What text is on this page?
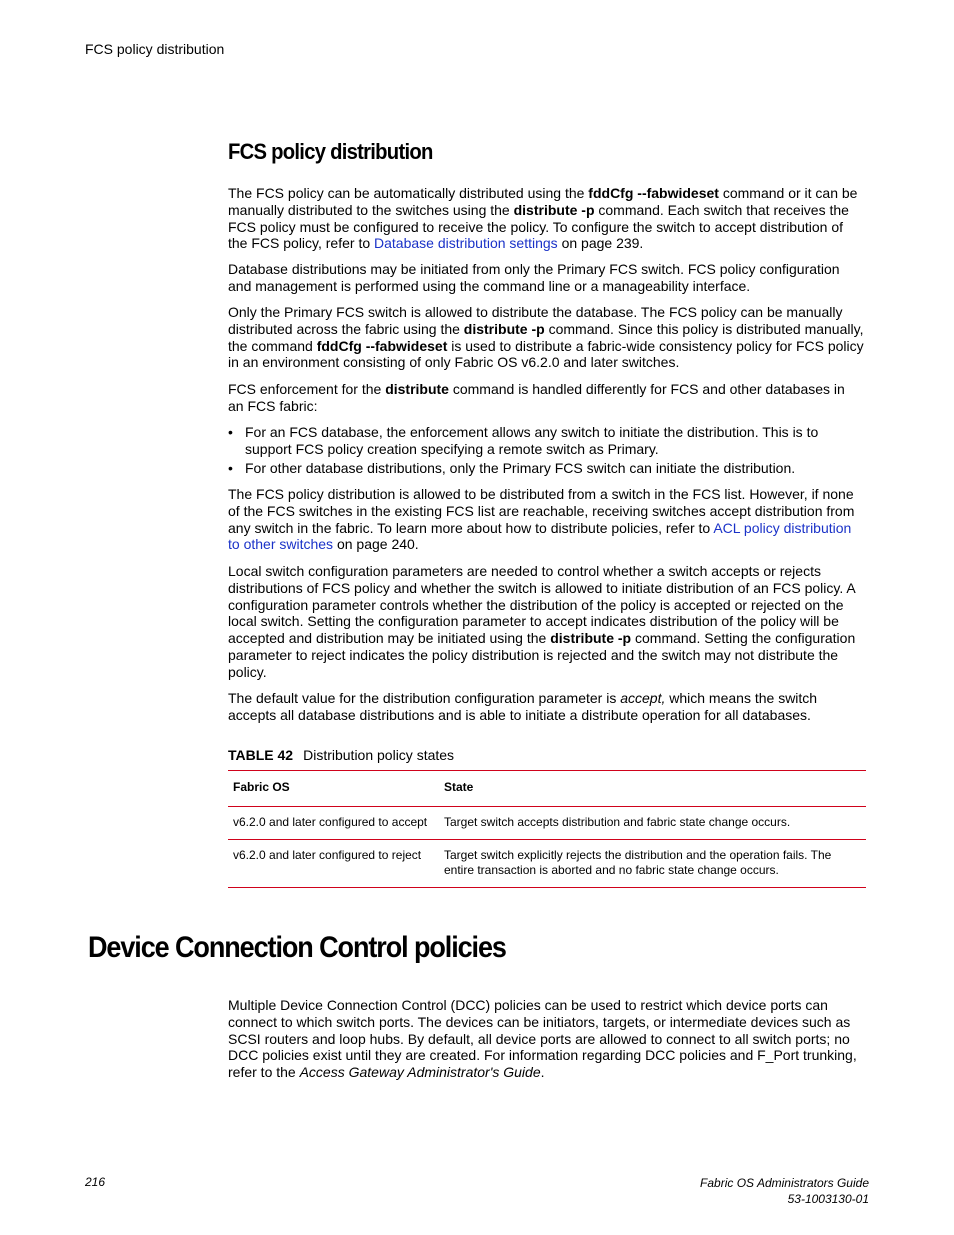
FCS policy distribution
FCS policy distribution

The FCS policy can be automatically distributed using the fddCfg --fabwideset command or it can be manually distributed to the switches using the distribute -p command. Each switch that receives the FCS policy must be configured to receive the policy. To configure the switch to accept distribution of the FCS policy, refer to Database distribution settings on page 239.

Database distributions may be initiated from only the Primary FCS switch. FCS policy configuration and management is performed using the command line or a manageability interface.

Only the Primary FCS switch is allowed to distribute the database. The FCS policy can be manually distributed across the fabric using the distribute -p command. Since this policy is distributed manually, the command fddCfg --fabwideset is used to distribute a fabric-wide consistency policy for FCS policy in an environment consisting of only Fabric OS v6.2.0 and later switches.

FCS enforcement for the distribute command is handled differently for FCS and other databases in an FCS fabric:

• For an FCS database, the enforcement allows any switch to initiate the distribution. This is to support FCS policy creation specifying a remote switch as Primary.
• For other database distributions, only the Primary FCS switch can initiate the distribution.

The FCS policy distribution is allowed to be distributed from a switch in the FCS list. However, if none of the FCS switches in the existing FCS list are reachable, receiving switches accept distribution from any switch in the fabric. To learn more about how to distribute policies, refer to ACL policy distribution to other switches on page 240.

Local switch configuration parameters are needed to control whether a switch accepts or rejects distributions of FCS policy and whether the switch is allowed to initiate distribution of an FCS policy. A configuration parameter controls whether the distribution of the policy is accepted or rejected on the local switch. Setting the configuration parameter to accept indicates distribution of the policy will be accepted and distribution may be initiated using the distribute -p command. Setting the configuration parameter to reject indicates the policy distribution is rejected and the switch may not distribute the policy.

The default value for the distribution configuration parameter is accept, which means the switch accepts all database distributions and is able to initiate a distribute operation for all databases.

TABLE 42 Distribution policy states
Fabric OS	State
v6.2.0 and later configured to accept	Target switch accepts distribution and fabric state change occurs.
v6.2.0 and later configured to reject	Target switch explicitly rejects the distribution and the operation fails. The entire transaction is aborted and no fabric state change occurs.
Device Connection Control policies

Multiple Device Connection Control (DCC) policies can be used to restrict which device ports can connect to which switch ports. The devices can be initiators, targets, or intermediate devices such as SCSI routers and loop hubs. By default, all device ports are allowed to connect to all switch ports; no DCC policies exist until they are created. For information regarding DCC policies and F_Port trunking, refer to the Access Gateway Administrator's Guide.

216	Fabric OS Administrators Guide
53-1003130-01
